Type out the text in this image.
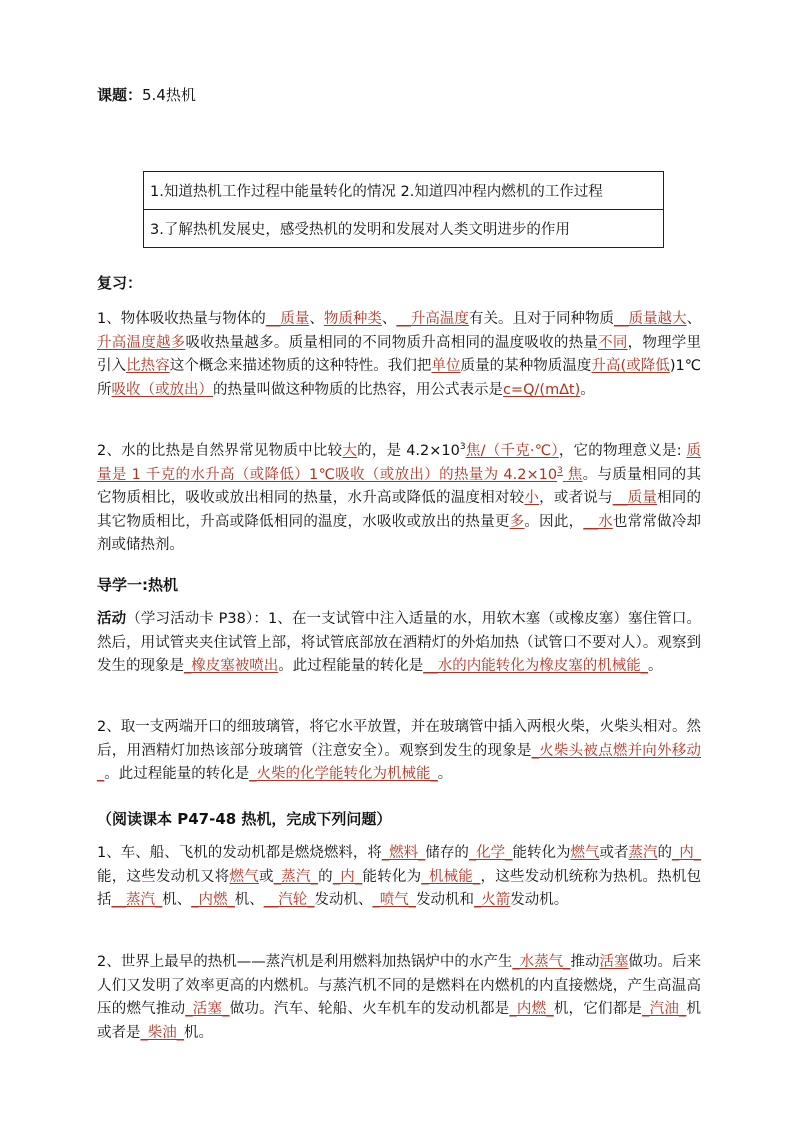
课题：5.4热机
1.知道热机工作过程中能量转化的情况 2.知道四冲程内燃机的工作过程
3.了解热机发展史，感受热机的发明和发展对人类文明进步的作用
复习：
1、物体吸收热量与物体的__质量、物质种类、__升高温度有关。且对于同种物质__质量越大、升高温度越多吸收热量越多。质量相同的不同物质升高相同的温度吸收的热量不同，物理学里引入比热容这个概念来描述物质的这种特性。我们把单位质量的某种物质温度升高(或降低)1℃所吸收（或放出）的热量叫做这种物质的比热容，用公式表示是c=Q/(m∆t)。
2、水的比热是自然界常见物质中比较大的，是 $4.2\times 10^3$焦/（千克·℃），它的物理意义是: 质量是 1 千克的水升高（或降低）1℃吸收（或放出）的热量为 $4.2\times 10^3$ 焦。与质量相同的其它物质相比，吸收或放出相同的热量，水升高或降低的温度相对较小，或者说与__质量相同的其它物质相比，升高或降低相同的温度，水吸收或放出的热量更多。因此，__水也常常做冷却剂或储热剂。
导学一:热机
活动（学习活动卡 P38）：1、在一支试管中注入适量的水，用软木塞（或橡皮塞）塞住管口。然后，用试管夹夹住试管上部，将试管底部放在酒精灯的外焰加热（试管口不要对人）。观察到发生的现象是_橡皮塞被喷出。此过程能量的转化是__水的内能转化为橡皮塞的机械能_。
2、取一支两端开口的细玻璃管，将它水平放置，并在玻璃管中插入两根火柴，火柴头相对。然后，用酒精灯加热该部分玻璃管（注意安全）。观察到发生的现象是_火柴头被点燃并向外移动_。此过程能量的转化是_火柴的化学能转化为机械能_。
（阅读课本 P47-48 热机，完成下列问题）
1、车、船、飞机的发动机都是燃烧燃料，将_燃料_储存的_化学_能转化为燃气或者蒸汽的_内_能，这些发动机又将燃气或_蒸汽_的_内_能转化为_机械能_，这些发动机统称为热机。热机包括__蒸汽_机、_内燃_机、__汽轮_发动机、_喷气_发动机和_火箭发动机。
2、世界上最早的热机——蒸汽机是利用燃料加热锅炉中的水产生_水蒸气_推动活塞做功。后来人们又发明了效率更高的内燃机。与蒸汽机不同的是燃料在内燃机的内直接燃烧，产生高温高压的燃气推动_活塞_做功。汽车、轮船、火车机车的发动机都是_内燃_机，它们都是_汽油_机或者是_柴油_机。
